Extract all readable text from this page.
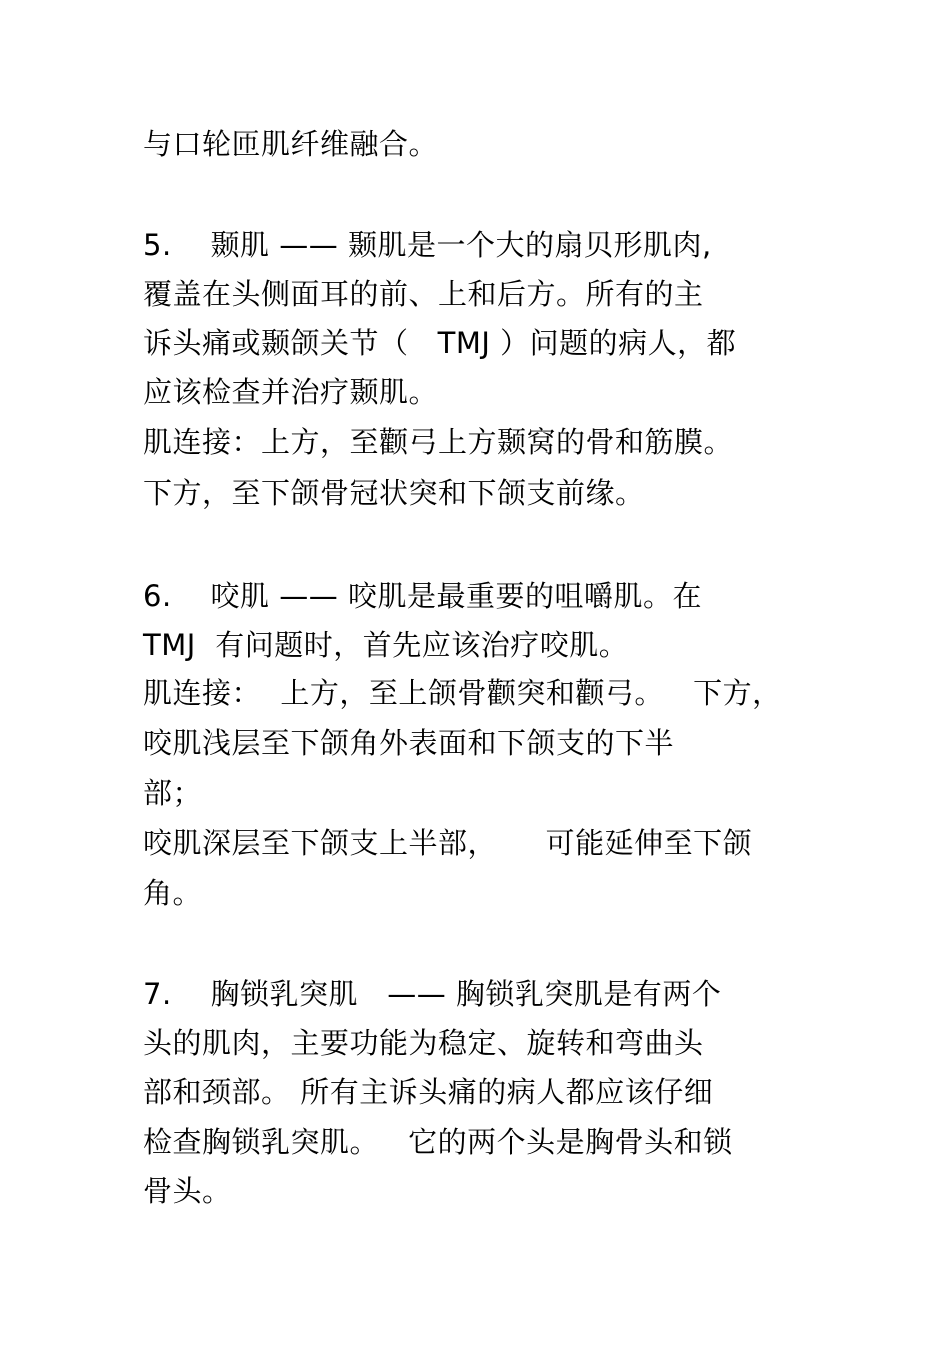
与口轮匝肌纤维融合。
5.    颞肌 —— 颞肌是一个大的扇贝形肌肉,
覆盖在头侧面耳的前、上和后方。所有的主
诉头痛或颞颌关节（   TMJ ）问题的病人，都
应该检查并治疗颞肌。
肌连接：上方，至颧弓上方颞窝的骨和筋膜。
下方，至下颌骨冠状突和下颌支前缘。
6.    咬肌 —— 咬肌是最重要的咀嚼肌。在
TMJ  有问题时，首先应该治疗咬肌。
肌连接：  上方，至上颌骨颧突和颧弓。   下方，
咬肌浅层至下颌角外表面和下颌支的下半
部；
咬肌深层至下颌支上半部，     可能延伸至下颌
角。
7.    胸锁乳突肌   —— 胸锁乳突肌是有两个
头的肌肉，主要功能为稳定、旋转和弯曲头
部和颈部。 所有主诉头痛的病人都应该仔细
检查胸锁乳突肌。   它的两个头是胸骨头和锁
骨头。
